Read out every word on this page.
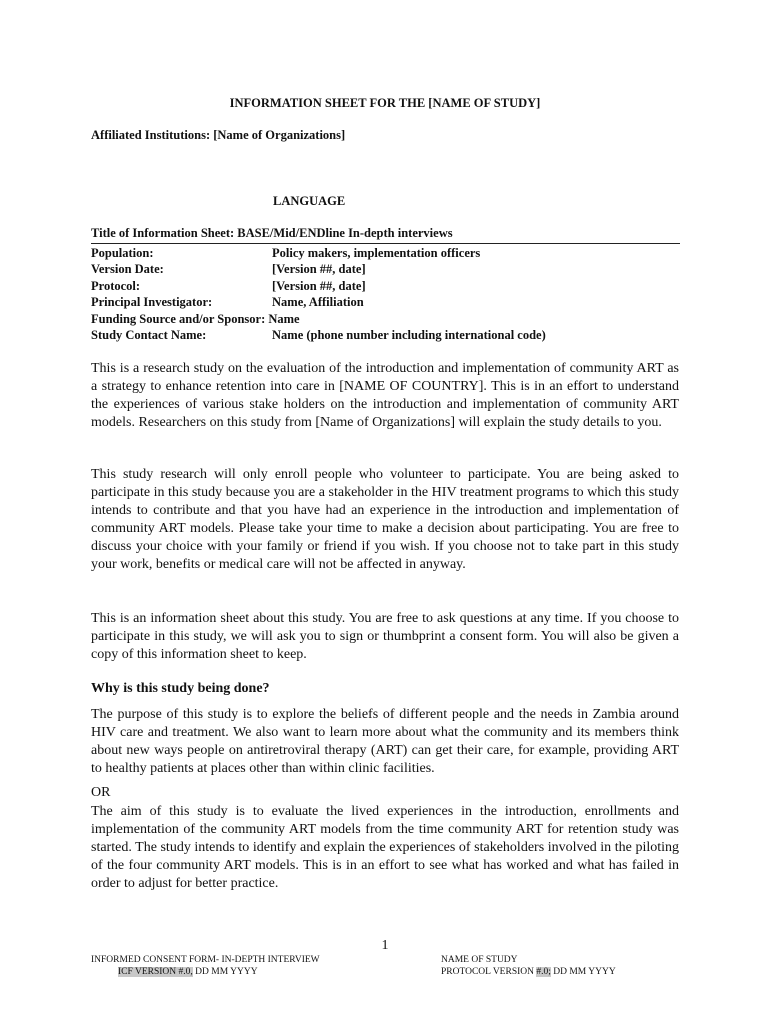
INFORMATION SHEET FOR THE [NAME OF STUDY]
Affiliated Institutions: [Name of Organizations]
LANGUAGE
Title of Information Sheet: BASE/Mid/ENDline In-depth interviews
Population:	Policy makers, implementation officers
Version Date:	[Version ##, date]
Protocol:	[Version ##, date]
Principal Investigator:	Name, Affiliation
Funding Source and/or Sponsor: Name
Study Contact Name:	Name (phone number including international code)

This is a research study on the evaluation of the introduction and implementation of community ART as a strategy to enhance retention into care in [NAME OF COUNTRY]. This is in an effort to understand the experiences of various stake holders on the introduction and implementation of community ART models. Researchers on this study from [Name of Organizations] will explain the study details to you.

This study research will only enroll people who volunteer to participate. You are being asked to participate in this study because you are a stakeholder in the HIV treatment programs to which this study intends to contribute and that you have had an experience in the introduction and implementation of community ART models. Please take your time to make a decision about participating. You are free to discuss your choice with your family or friend if you wish. If you choose not to take part in this study your work, benefits or medical care will not be affected in anyway.

This is an information sheet about this study. You are free to ask questions at any time. If you choose to participate in this study, we will ask you to sign or thumbprint a consent form. You will also be given a copy of this information sheet to keep.

Why is this study being done?

The purpose of this study is to explore the beliefs of different people and the needs in Zambia around HIV care and treatment. We also want to learn more about what the community and its members think about new ways people on antiretroviral therapy (ART) can get their care, for example, providing ART to healthy patients at places other than within clinic facilities.

OR

The aim of this study is to evaluate the lived experiences in the introduction, enrollments and implementation of the community ART models from the time community ART for retention study was started. The study intends to identify and explain the experiences of stakeholders involved in the piloting of the four community ART models. This is in an effort to see what has worked and what has failed in order to adjust for better practice.

1
INFORMED CONSENT FORM- IN-DEPTH INTERVIEW
ICF VERSION #.0, DD MM YYYY
NAME OF STUDY
PROTOCOL VERSION #.0; DD MM YYYY
